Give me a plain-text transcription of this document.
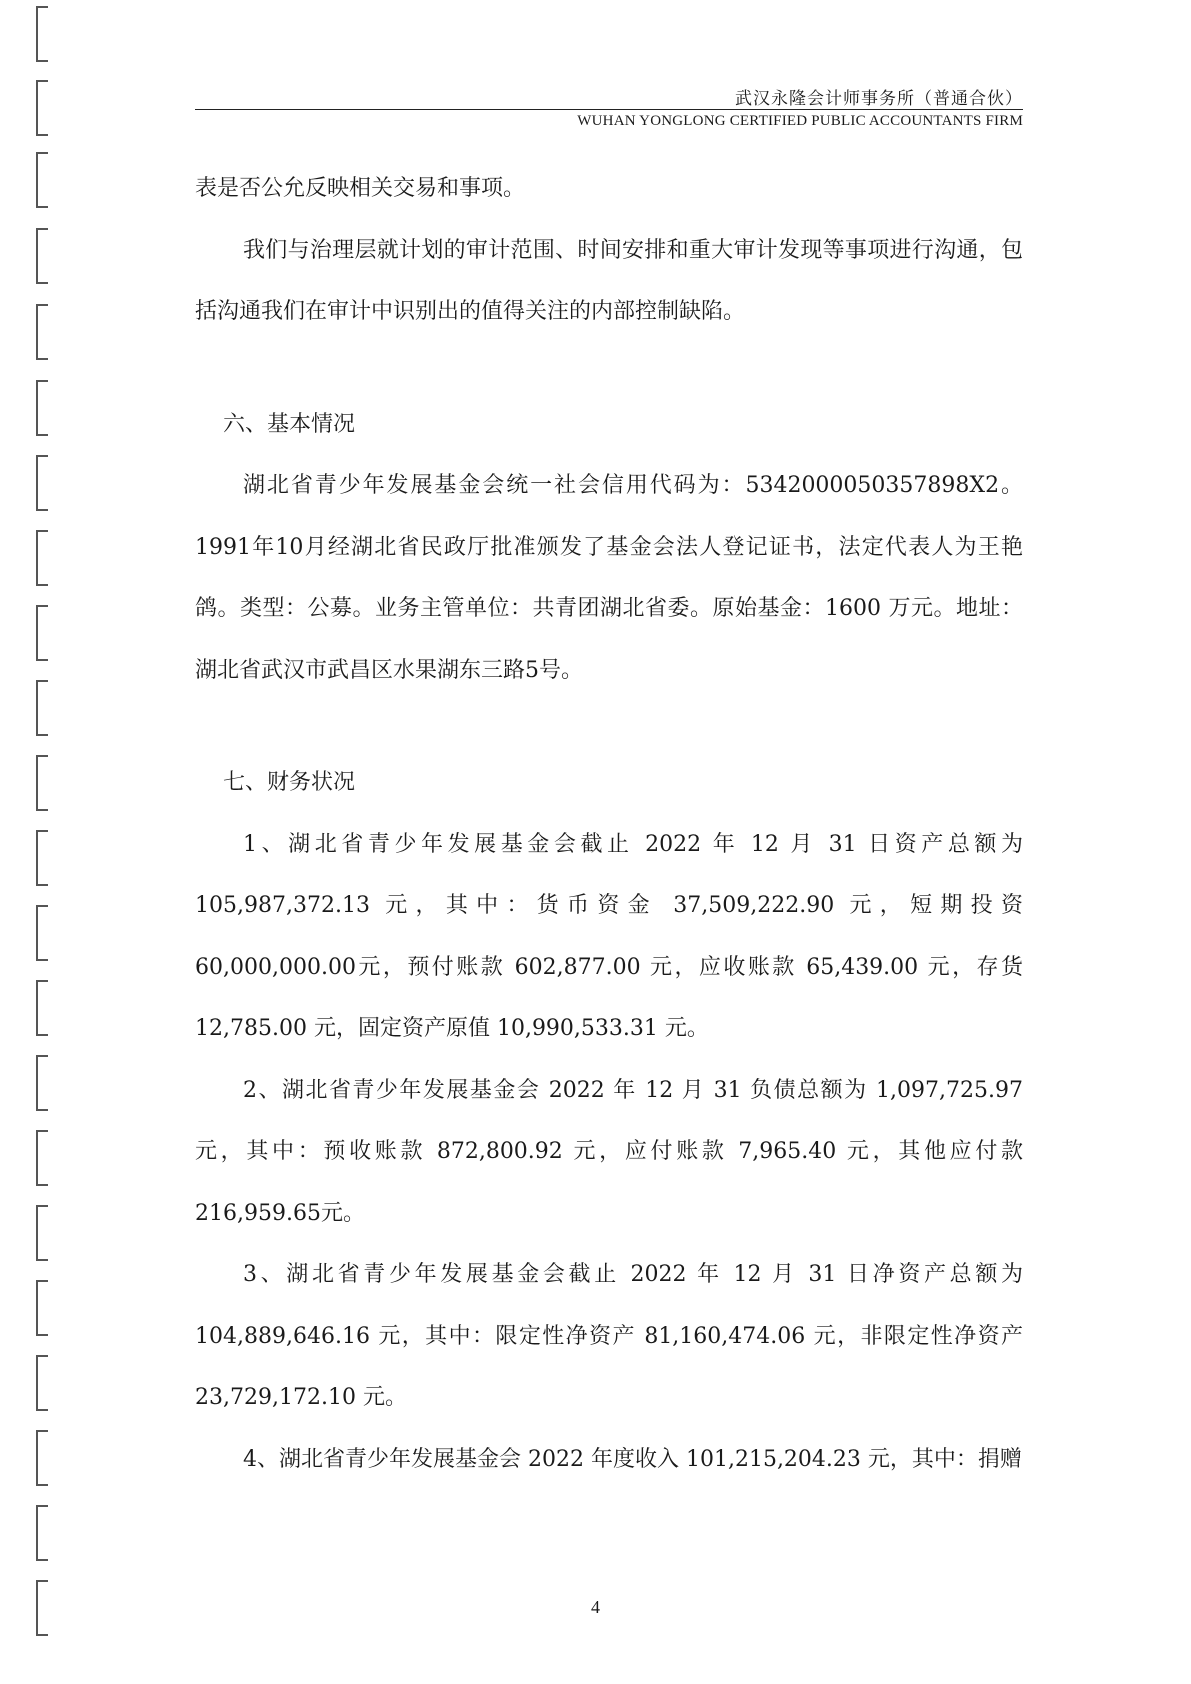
武汉永隆会计师事务所（普通合伙）
WUHAN YONGLONG CERTIFIED PUBLIC ACCOUNTANTS FIRM

表是否公允反映相关交易和事项。

我们与治理层就计划的审计范围、时间安排和重大审计发现等事项进行沟通，包括沟通我们在审计中识别出的值得关注的内部控制缺陷。

六、基本情况

湖北省青少年发展基金会统一社会信用代码为：5342000050357898X2。1991年10月经湖北省民政厅批准颁发了基金会法人登记证书，法定代表人为王艳鸽。类型：公募。业务主管单位：共青团湖北省委。原始基金：1600 万元。地址：湖北省武汉市武昌区水果湖东三路5号。

七、财务状况

1、湖北省青少年发展基金会截止 2022 年 12 月 31 日资产总额为105,987,372.13 元，其中：货币资金 37,509,222.90 元，短期投资 60,000,000.00元，预付账款 602,877.00 元，应收账款 65,439.00 元，存货 12,785.00 元，固定资产原值 10,990,533.31 元。

2、湖北省青少年发展基金会 2022 年 12 月 31 负债总额为 1,097,725.97 元，其中：预收账款 872,800.92 元，应付账款 7,965.40 元，其他应付款 216,959.65元。

3、湖北省青少年发展基金会截止 2022 年 12 月 31 日净资产总额为104,889,646.16 元，其中：限定性净资产 81,160,474.06 元，非限定性净资产23,729,172.10 元。

4、湖北省青少年发展基金会 2022 年度收入 101,215,204.23 元，其中：捐赠

4
